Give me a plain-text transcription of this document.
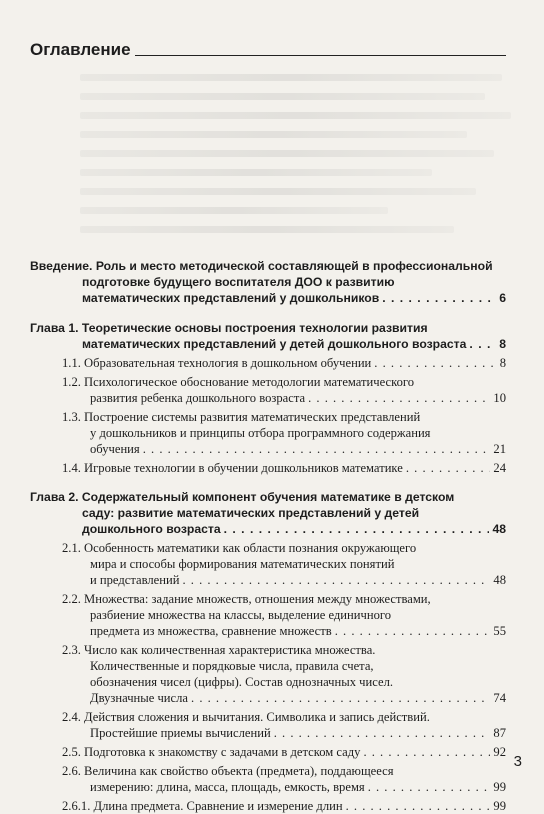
Оглавление
Введение. Роль и место методической составляющей в профессиональной
подготовке будущего воспитателя ДОО к развитию
математических представлений у дошкольников . . .	6
Глава 1. Теоретические основы построения технологии развития
математических представлений у детей дошкольного возраста . . .	8
1.1. Образовательная технология в дошкольном обучении . . .	8
1.2. Психологическое обоснование методологии математического
развития ребенка дошкольного возраста . . .	10
1.3. Построение системы развития математических представлений
у дошкольников и принципы отбора программного содержания
обучения . . .	21
1.4. Игровые технологии в обучении дошкольников математике . . .	24
Глава 2. Содержательный компонент обучения математике в детском
саду: развитие математических представлений у детей
дошкольного возраста . . .	48
2.1. Особенность математики как области познания окружающего
мира и способы формирования математических понятий
и представлений . . .	48
2.2. Множества: задание множеств, отношения между множествами,
разбиение множества на классы, выделение единичного
предмета из множества, сравнение множеств . . .	55
2.3. Число как количественная характеристика множества.
Количественные и порядковые числа, правила счета,
обозначения чисел (цифры). Состав однозначных чисел.
Двузначные числа . . .	74
2.4. Действия сложения и вычитания. Символика и запись действий.
Простейшие приемы вычислений . . .	87
2.5. Подготовка к знакомству с задачами в детском саду . . .	92
2.6. Величина как свойство объекта (предмета), поддающееся
измерению: длина, масса, площадь, емкость, время . . .	99
2.6.1. Длина предмета. Сравнение и измерение длин . . .	99
3
